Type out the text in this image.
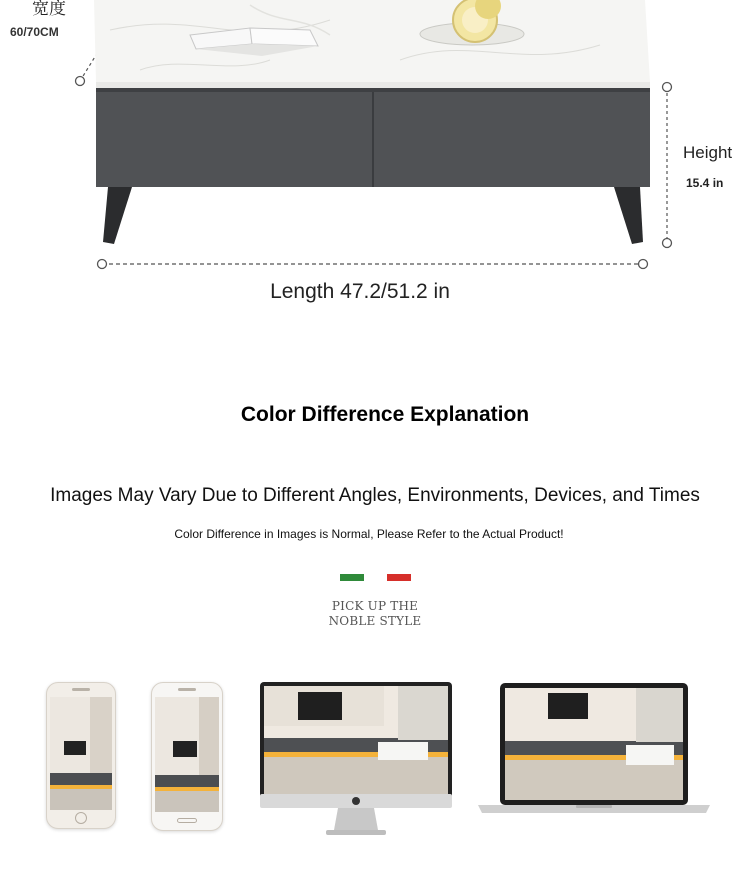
宽度
60/70CM
Height
15.4 in
Length 47.2/51.2 in
Color Difference Explanation
Images May Vary Due to Different Angles, Environments, Devices, and Times
Color Difference in Images is Normal, Please Refer to the Actual Product!
PICK UP THE
NOBLE STYLE
